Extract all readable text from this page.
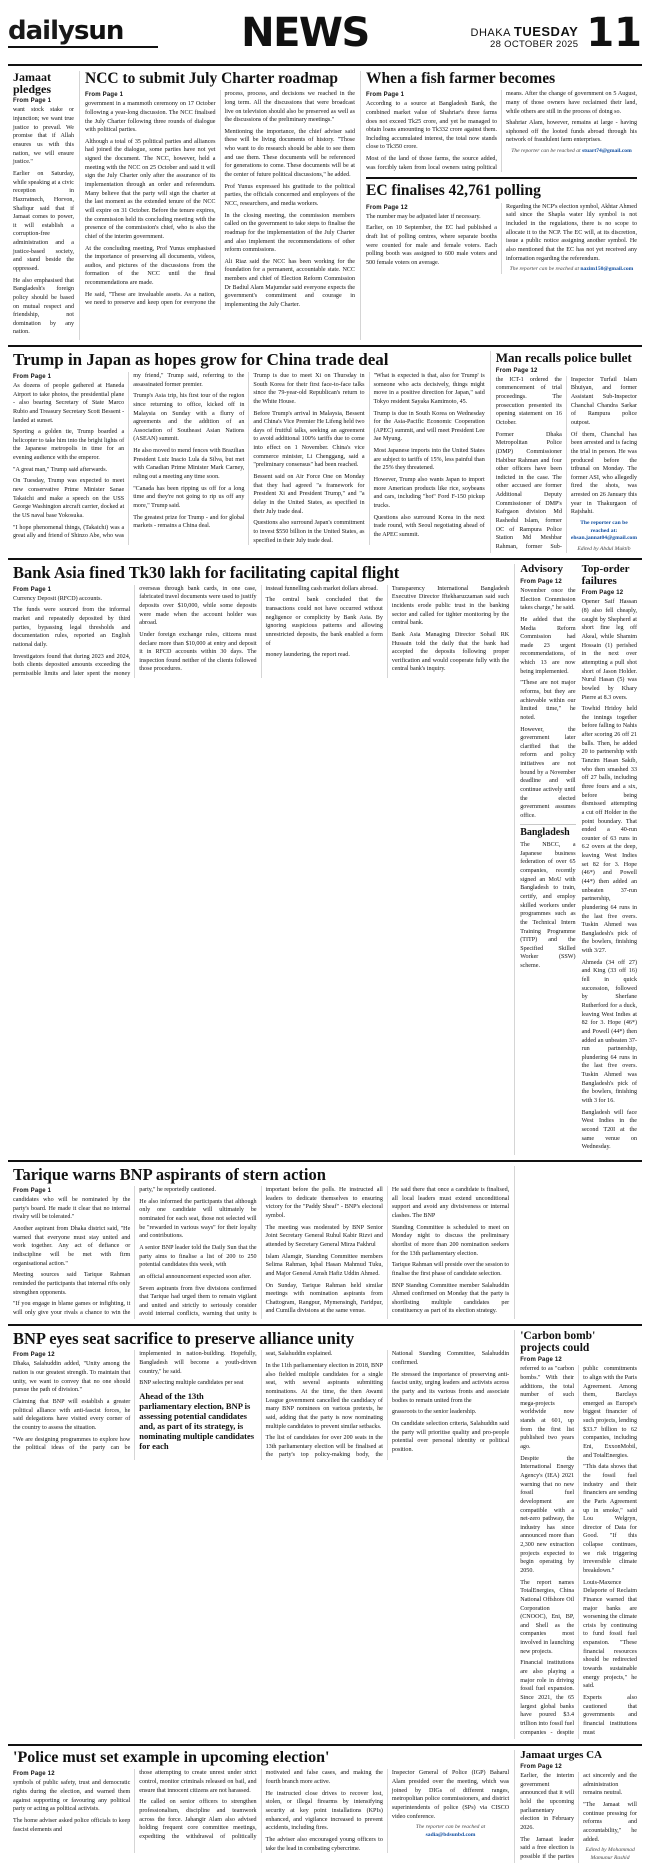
dailysun	NEWS	DHAKA TUESDAY
28 OCTOBER 2025 11
Jamaat pledges
From Page 1

want stock stake or injunction; we want true justice to prevail. We promise that if Allah ensures us with this nation, we will ensure justice."

Earlier on Saturday, while speaking at a civic reception in Hazrratnech, Horvon, Shafiqur said that if Jamaat comes to power, it will establish a corruption-free administration and a justice-based society, and stand beside the oppressed.

He also emphasised that Bangladesh's foreign policy should be based on mutual respect and friendship, not domination by any nation.

NCC to submit July Charter roadmap
From Page 1

government in a mammoth ceremony on 17 October following a year-long discussion. The NCC finalised the July Charter following three rounds of dialogue with political parties.

Although a total of 35 political parties and alliances had joined the dialogue, some parties have not yet signed the document. The NCC, however, held a meeting with the NCC on 25 October and said it will sign the July Charter only after the assurance of its implementation through an order and referendum. Many believe that the party will sign the charter at the last moment as the extended tenure of the NCC will expire on 31 October. Before the tenure expires, the commission held its concluding meeting with the presence of the commission's chief, who is also the chief of the interim government.

At the concluding meeting, Prof Yunus emphasised the importance of preserving all documents, videos, audios, and pictures of the discussions from the formation of the NCC until the final recommendations are made.

He said, "These are invaluable assets. As a nation, we need to preserve and keep open for everyone the process, process, and decisions we reached in the long term. All the discussions that were broadcast live on television should also be preserved as well as the discussions of the preliminary meetings."

Mentioning the importance, the chief adviser said these will be living documents of history. "Those who want to do research should be able to see them and use them. These documents will be referenced for generations to come. These documents will be at the center of future political discussions," he added.

Prof Yunus expressed his gratitude to the political parties, the officials concerned and employees of the NCC, researchers, and media workers.

In the closing meeting, the commission members called on the government to take steps to finalise the roadmap for the implementation of the July Charter and also implement the recommendations of other reform commissions.

Ali Riaz said the NCC has been working for the foundation for a permanent, accountable state. NCC members and chief of Election Reform Commission Dr Badiul Alam Majumdar said everyone expects the government's commitment and courage in implementing the July Charter.

When a fish farmer becomes
From Page 1

According to a source at Bangladesh Bank, the combined market value of Shahriar's three farms does not exceed Tk25 crore, and yet he managed to obtain loans amounting to Tk332 crore against them. Including accumulated interest, the total now stands close to Tk350 crore.

Most of the land of those farms, the source added, was forcibly taken from local owners using political means. After the change of government on 5 August, many of those owners have reclaimed their land, while others are still in the process of doing so.

Shahriar Alam, however, remains at large - having siphoned off the looted funds abroad through his network of fraudulent farm enterprises.

The reporter can be reached at stuart74@gmail.com
EC finalises 42,761 polling
From Page 12

The number may be adjusted later if necessary.

Earlier, on 10 September, the EC had published a draft list of polling centres, where separate booths were counted for male and female voters. Each polling booth was assigned to 600 male voters and 500 female voters on average.

Regarding the NCP's election symbol, Akhtar Ahmed said since the Shapla water lily symbol is not included in the regulations, there is no scope to allocate it to the NCP. The EC will, at its discretion, issue a public notice assigning another symbol. He also mentioned that the EC has not yet received any information regarding the referendum.

The reporter can be reached at nazim150@gmail.com
Trump in Japan as hopes grow for China trade deal
From Page 1

As dozens of people gathered at Haneda Airport to take photos, the presidential plane - also bearing Secretary of State Marco Rubio and Treasury Secretary Scott Bessent - landed at sunset.

Sporting a golden tie, Trump boarded a helicopter to take him into the bright lights of the Japanese metropolis in time for an evening audience with the emperor.

"A great man," Trump said afterwards.

On Tuesday, Trump was expected to meet new conservative Prime Minister Sanae Takaichi and make a speech on the USS George Washington aircraft carrier, docked at the US naval base Yokosuka.

"I hope phenomenal things, (Takaichi) was a great ally and friend of Shinzo Abe, who was my friend," Trump said, referring to the assassinated former premier.

Trump's Asia trip, his first tour of the region since returning to office, kicked off in Malaysia on Sunday with a flurry of agreements and the addition of an Association of Southeast Asian Nations (ASEAN) summit.

He also moved to mend fences with Brazilian President Luiz Inacio Lula da Silva, but met with Canadian Prime Minister Mark Carney, ruling out a meeting any time soon.

"Canada has been ripping us off for a long time and they're not going to rip us off any more," Trump said.

The greatest prize for Trump - and for global markets - remains a China deal.

Trump is due to meet Xi on Thursday in South Korea for their first face-to-face talks since the 79-year-old Republican's return to the White House.

Before Trump's arrival in Malaysia, Bessent and China's Vice Premier He Lifeng held two days of fruitful talks, seeking an agreement to avoid additional 100% tariffs due to come into effect on 1 November. China's vice commerce minister, Li Chenggang, said a "preliminary consensus" had been reached.

Bessent said on Air Force One on Monday that they had agreed "a framework for President Xi and President Trump," and "a delay in the United States, as specified in their July trade deal.

Questions also surround Japan's commitment to invest $550 billion in the United States, as specified in their July trade deal.

"What is expected is that, also for Trump' is someone who acts decisively, things might move in a positive direction for Japan," said Tokyo resident Sayaka Kamimoto, 45.

Trump is due in South Korea on Wednesday for the Asia-Pacific Economic Cooperation (APEC) summit, and will meet President Lee Jae Myung.

Most Japanese imports into the United States are subject to tariffs of 15%, less painful than the 25% they threatened.

However, Trump also wants Japan to import more American products like rice, soybeans and cars, including "hot" Ford F-150 pickup trucks.

Questions also surround Korea in the next trade round, with Seoul negotiating ahead of the APEC summit.

Man recalls police bullet
From Page 12

the ICT-1 ordered the commencement of trial proceedings. The prosecution presented its opening statement on 16 October.

Former Dhaka Metropolitan Police (DMP) Commissioner Habibur Rahman and four other officers have been indicted in the case. The other accused are former Additional Deputy Commissioner of DMP's Kafrgaon division Md Rashedul Islam, former OC of Rampura Police Station Md Meshbar Rahman, former Sub-Inspector Turfail Islam Bhuiyan, and former Assistant Sub-Inspector Chanchal Chandra Sarkar of Rampura police outpost.

Of them, Chanchal has been arrested and is facing the trial in person. He was produced before the tribunal on Monday. The former ASI, who allegedly fired the shots, was arrested on 26 January this year in Thakurgaon of Rajshahi.

The reporter can be reached at: ehsan.jannat04@gmail.com
Edited by Abdul Muktib
Bank Asia fined Tk30 lakh for facilitating capital flight
From Page 1

Currency Deposit (RFCD) accounts.

The funds were sourced from the informal market and repeatedly deposited by third parties, bypassing legal thresholds and documentation rules, reported an English national daily.

Investigators found that during 2023 and 2024, both clients deposited amounts exceeding the permissible limits and later spent the money overseas through bank cards, in one case, fabricated travel documents were used to justify deposits over $10,000, while some deposits were made when the account holder was abroad.

Under foreign exchange rules, citizens must declare more than $10,000 at entry and deposit it in RFCD accounts within 30 days. The inspection found neither of the clients followed those procedures.

instead funnelling cash market dollars abroad.

The central bank concluded that the transactions could not have occurred without negligence or complicity by Bank Asia. By ignoring suspicious patterns and allowing unrestricted deposits, the bank enabled a form of

money laundering, the report read.

Transparency International Bangladesh Executive Director Iftekharuzzaman said such incidents erode public trust in the banking sector and called for tighter monitoring by the central bank.

Bank Asia Managing Director Sohail RK Hussain told the daily that the bank had accepted the deposits following proper verification and would cooperate fully with the central bank's inquiry.

Advisory
From Page 12

November once the Election Commission takes charge," he said.

He added that the Media Reform Commission had made 23 urgent recommendations, of which 13 are now being implemented.

"These are not major reforms, but they are achievable within our limited time," he noted.

However, the government later clarified that the reform and policy initiatives are not bound by a November deadline and will continue actively until the elected government assumes office.

Bangladesh

The NBCC, a Japanese business federation of over 65 companies, recently signed an MoU with Bangladesh to train, certify, and employ skilled workers under programmes such as the Technical Intern Training Programme (TITP) and the Specified Skilled Worker (SSW) scheme.

Top-order failures
From Page 12

Opener Saif Hassan (8) also fell cheaply, caught by Shepherd at short fine leg off Akeal, while Shamim Hossain (1) perished in the next over attempting a pull shot short of Jason Holder. Nurul Hasan (5) was bowled by Khary Pierre at 8.3 overs.

Towhid Hridoy held the innings together before falling to Nahis after scoring 26 off 21 balls. Then, he added 20 to partnership with Tanzim Hasan Sakib, who then smashed 33 off 27 balls, including three fours and a six, before being dismissed attempting a cut off Holder in the point boundary. That ended a 40-run counter of 63 runs in 6.2 overs at the deep, leaving West Indies set 82 for 3. Hope (46*) and Powell (44*) then added an unbeaten 37-run partnership, plundering 64 runs in the last five overs. Tuskin Ahmed was Bangladesh's pick of the bowlers, finishing with 3/27.

Ahmeda (34 off 27) and King (33 off 16) fell in quick succession, followed by Sherfane Rutherford for a duck, leaving West Indies at 82 for 3. Hope (46*) and Powell (44*) then added an unbeaten 37-run partnership, plundering 64 runs in the last five overs. Tuskin Ahmed was Bangladesh's pick of the bowlers, finishing with 3 for 16.

Bangladesh will face West Indies in the second T20I at the same venue on Wednesday.

Tarique warns BNP aspirants of stern action
From Page 1

candidates who will be nominated by the party's board. He made it clear that no internal rivalry will be tolerated."

Another aspirant from Dhaka district said, "He warned that everyone must stay united and work together. Any act of defiance or indiscipline will be met with firm organisational action."

Meeting sources said Tarique Rahman reminded the participants that internal rifts only strengthen opponents.

"If you engage in blame games or infighting, it will only give your rivals a chance to win the party," he reportedly cautioned.

He also informed the participants that although only one candidate will ultimately be nominated for each seat, those not selected will be "rewarded in various ways" for their loyalty and contributions.

A senior BNP leader told the Daily Sun that the party aims to finalise a list of 200 to 250 potential candidates this week, with

an official announcement expected soon after.

Seven aspirants from five divisions confirmed that Tarique had urged them to remain vigilant and united and strictly to seriously consider avoid internal conflicts, warning that unity is important before the polls. He instructed all leaders to dedicate themselves to ensuring victory for the "Paddy Sheaf" - BNP's electoral symbol.

The meeting was moderated by BNP Senior Joint Secretary General Ruhul Kabir Rizvi and attended by Secretary General Mirza Fakhrul

Islam Alamgir, Standing Committee members Selima Rahman, Iqbal Hasan Mahmud Tuku, and Major General Amsh Hafiz Uddin Ahmed.

On Sunday, Tarique Rahman held similar meetings with nomination aspirants from Chattogram, Rangpur, Mymensingh, Faridpur, and Cumilla divisions at the same venue.

He said there that once a candidate is finalised, all local leaders must extend unconditional support and avoid any divisiveness or internal clashes. The BNP

Standing Committee is scheduled to meet on Monday night to discuss the preliminary shortlist of more than 200 nomination seekers for the 13th parliamentary election.

Tarique Rahman will preside over the session to finalise the first phase of candidate selection.

BNP Standing Committee member Salahuddin Ahmed confirmed on Monday that the party is shortlisting multiple candidates per constituency as part of its election strategy.

BNP eyes seat sacrifice to preserve alliance unity
From Page 12

Dhaka, Salahuddin added, "Unity among the nation is our greatest strength. To maintain that unity, we want to convey that no one should pursue the path of division."

Claiming that BNP will establish a greater political alliance with anti-fascist forces, he said delegations have visited every corner of the country to assess the situation.

"We are designing programmes to explore how the political ideas of the party can be implemented in nation-building. Hopefully, Bangladesh will become a youth-driven country," he said.

BNP selecting multiple candidates per seat

Ahead of the 13th parliamentary election, BNP is assessing potential candidates and, as part of its strategy, is nominating multiple candidates for each

seat, Salahuddin explained.

In the 11th parliamentary election in 2018, BNP also fielded multiple candidates for a single seat, with several aspirants submitting nominations. At the time, the then Awami League government cancelled the candidacy of many BNP nominees on various pretexts, he said, adding that the party is now nominating multiple candidates to prevent similar setbacks.

The list of candidates for over 200 seats in the 13th parliamentary election will be finalised at the party's top policy-making body, the National Standing Committee, Salahuddin confirmed.

He stressed the importance of preserving anti-fascist unity, urging leaders and activists across the party and its various fronts and associate bodies to remain united from the

grassroots to the senior leadership.

On candidate selection criteria, Salahuddin said the party will prioritise quality and pro-people potential over personal identity or political position.

'Carbon bomb' projects could
From Page 12

referred to as "carbon bombs." With their additions, the total number of such mega-projects worldwide now stands at 601, up from the first list published two years ago.

Despite the International Energy Agency's (IEA) 2021 warning that no new fossil fuel development are compatible with a net-zero pathway, the industry has since announced more than 2,300 new extraction projects expected to begin operating by 2050.

The report names TotalEnergies, China National Offshore Oil Corporation (CNOOC), Eni, BP, and Shell as the companies most involved in launching new projects.

Financial institutions are also playing a major role in driving fossil fuel expansion. Since 2021, the 65 largest global banks have poured $3.4 trillion into fossil fuel companies - despite public commitments to align with the Paris Agreement. Among them, Barclays emerged as Europe's biggest financier of such projects, lending $33.7 billion to 62 companies, including Eni, ExxonMobil, and TotalEnergies.

"This data shows that the fossil fuel industry and their financiers are sending the Paris Agreement up in smoke," said Lou Welgryn, director of Data for Good. "If this collapse continues, we risk triggering irreversible climate breakdown."

Louis-Maxence Delaporte of Reclaim Finance warned that major banks are worsening the climate crisis by continuing to fund fossil fuel expansion. "These financial resources should be redirected towards sustainable energy projects," he said.

Experts also cautioned that governments and financial institutions must

'Police must set example in upcoming election'
From Page 12

symbols of public safety, trust and democratic rights during the election, and warned them against supporting or favouring any political party or acting as political activists.

The home adviser asked police officials to keep fascist elements and

those attempting to create unrest under strict control, monitor criminals released on bail, and ensure that innocent citizens are not harassed.

He called on senior officers to strengthen professionalism, discipline and teamwork across the force. Jahangir Alam also advised holding frequent core committee meetings, expediting the withdrawal of politically motivated and false cases, and making the fourth branch more active.

He instructed close drives to recover lost, stolen, or illegal firearms by intensifying security at key point installations (KPIs) enhanced, and vigilance increased to prevent accidents, including fires.

The adviser also encouraged young officers to take the lead in combating cybercrime.

Inspector General of Police (IGP) Baharul Alam presided over the meeting, which was joined by DIGs of different ranges, metropolitan police commissioners, and district superintendents of police (SPs) via CISCO video conference.

The reporter can be reached at sadia@bdsunbd.com
Jamaat urges CA
From Page 12

Earlier, the interim government announced that it will hold the upcoming parliamentary election in February 2026.

The Jamaat leader said a free election is possible if the parties act sincerely and the administration remains neutral.

"The Jamaat will continue pressing for reforms and accountability," he added.

Edited by Mohammad Mamunur Rashid
